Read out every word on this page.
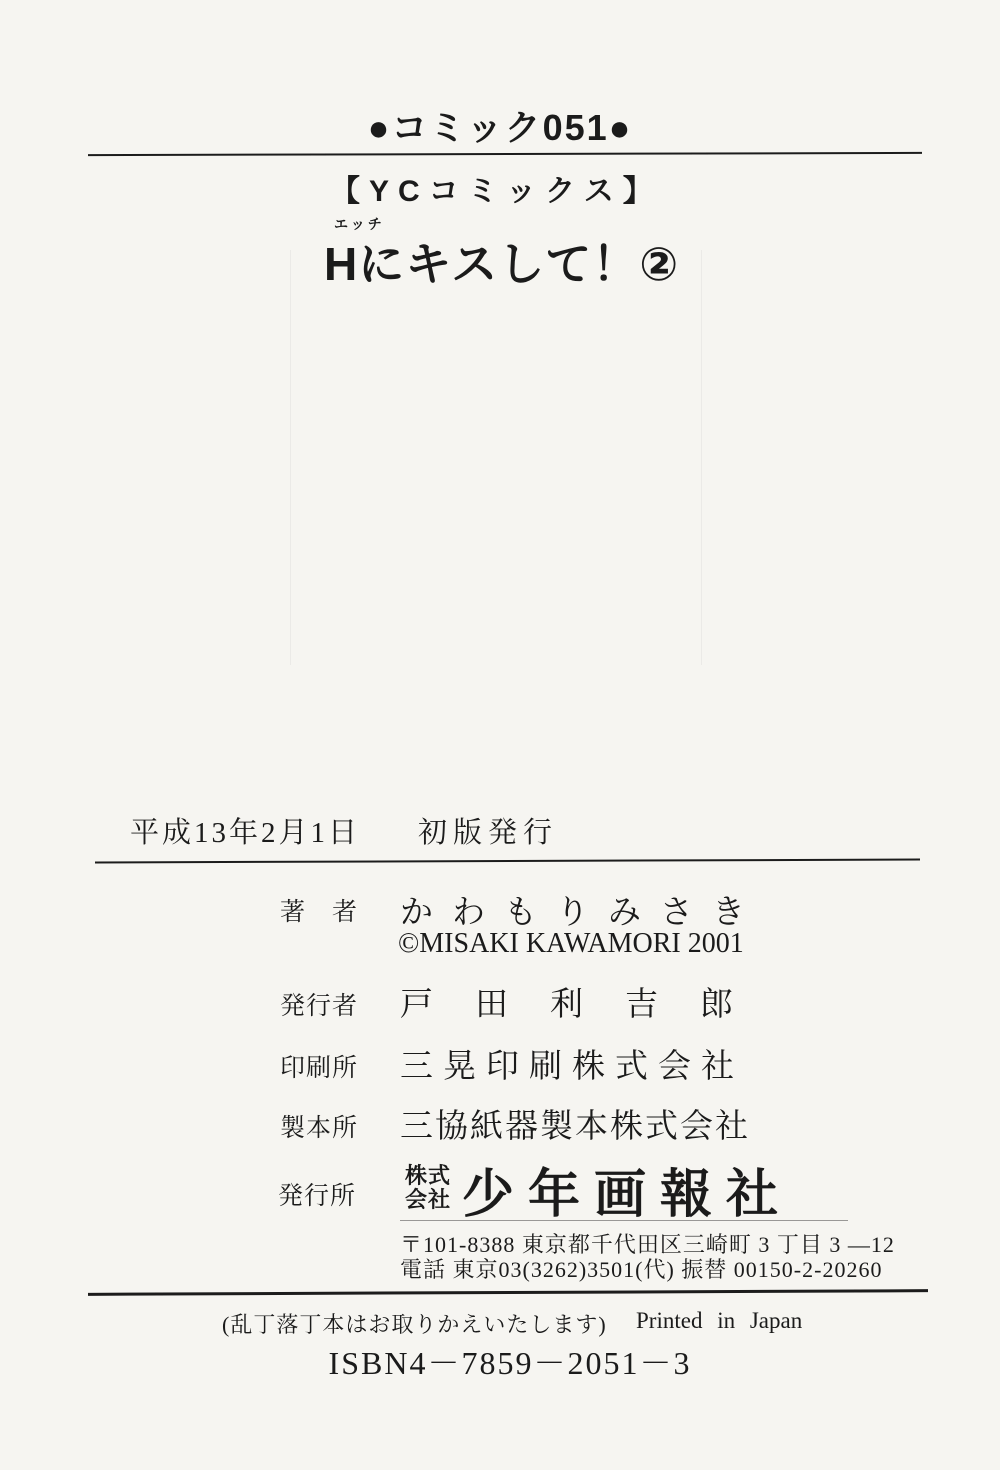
●コミック051●
【YCコミックス】
エッチ
Hにキスして！②
平成13年2月1日 初版発行
著　者 かわもりみさき
©MISAKI KAWAMORI 2001
発行者 戸田利吉郎
印刷所 三晃印刷株式会社
製本所 三協紙器製本株式会社
発行所
株式
会社 少年画報社
〒101-8388 東京都千代田区三崎町 3 丁目 3 ―12
電話 東京03(3262)3501(代) 振替 00150-2-20260
(乱丁落丁本はお取りかえいたします) Printed in Japan
ISBN4－7859－2051－3
